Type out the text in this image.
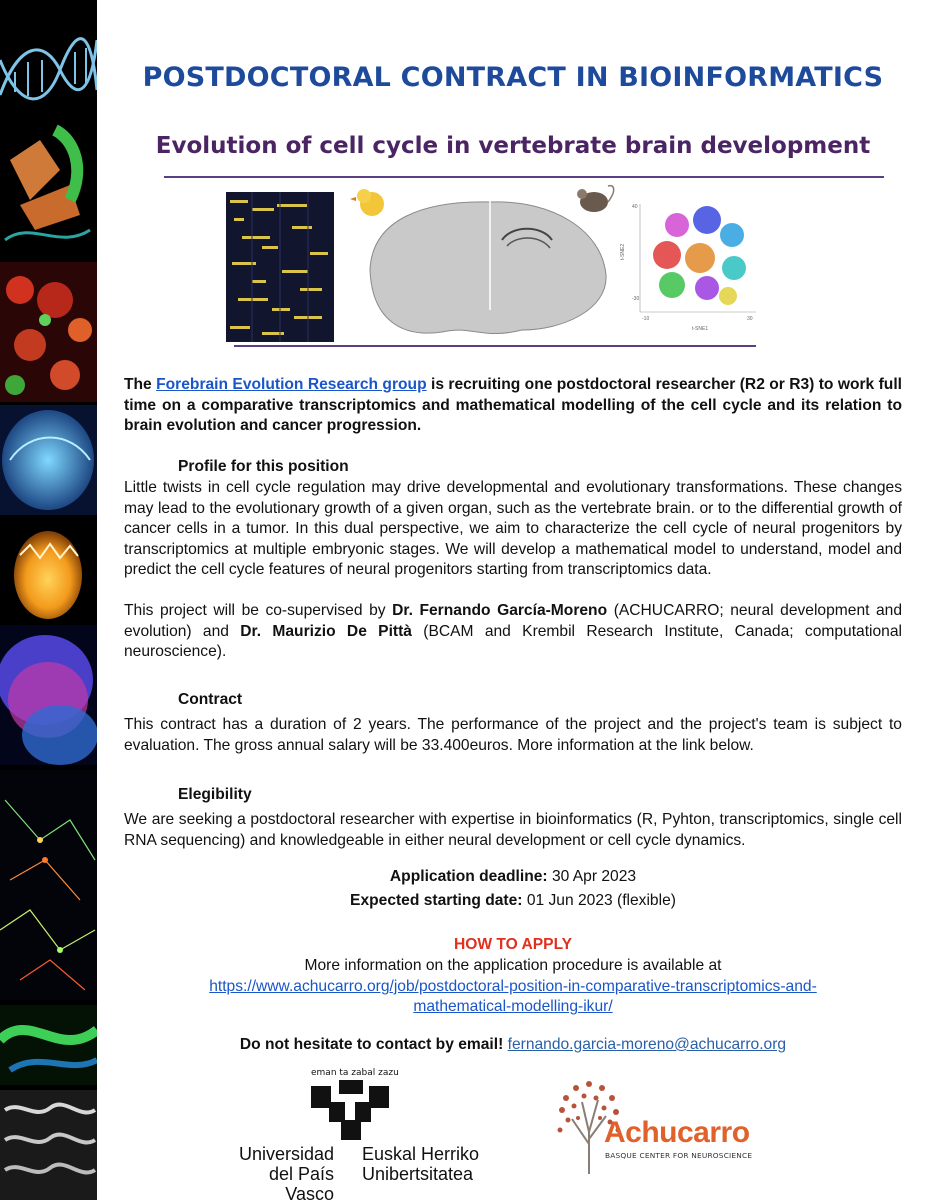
POSTDOCTORAL CONTRACT IN BIOINFORMATICS
Evolution of cell cycle in vertebrate brain development
40
-30
-10	30
t-SNE1
t-SNE2
The Forebrain Evolution Research group is recruiting one postdoctoral researcher (R2 or R3) to work full time on a comparative transcriptomics and mathematical modelling of the cell cycle and its relation to brain evolution and cancer progression.
Profile for this position
Little twists in cell cycle regulation may drive developmental and evolutionary transformations. These changes may lead to the evolutionary growth of a given organ, such as the vertebrate brain. or to the differential growth of cancer cells in a tumor. In this dual perspective, we aim to characterize the cell cycle of neural progenitors by transcriptomics at multiple embryonic stages. We will develop a mathematical model to understand, model and predict the cell cycle features of neural progenitors starting from transcriptomics data.
This project will be co-supervised by Dr. Fernando García-Moreno (ACHUCARRO; neural development and evolution) and Dr. Maurizio De Pittà (BCAM and Krembil Research Institute, Canada; computational neuroscience).
Contract
This contract has a duration of 2 years. The performance of the project and the project's team is subject to evaluation. The gross annual salary will be 33.400euros. More information at the link below.
Elegibility
We are seeking a postdoctoral researcher with expertise in bioinformatics (R, Pyhton, transcriptomics, single cell RNA sequencing) and knowledgeable in either neural development or cell cycle dynamics.
Application deadline: 30 Apr 2023
Expected starting date: 01 Jun 2023 (flexible)
HOW TO APPLY
More information on the application procedure is available at
https://www.achucarro.org/job/postdoctoral-position-in-comparative-transcriptomics-and-
mathematical-modelling-ikur/
Do not hesitate to contact by email! fernando.garcia-moreno@achucarro.org
eman ta zabal zazu
Universidad
del País Vasco
Euskal Herriko
Unibertsitatea
Achucarro
BASQUE CENTER FOR NEUROSCIENCE
